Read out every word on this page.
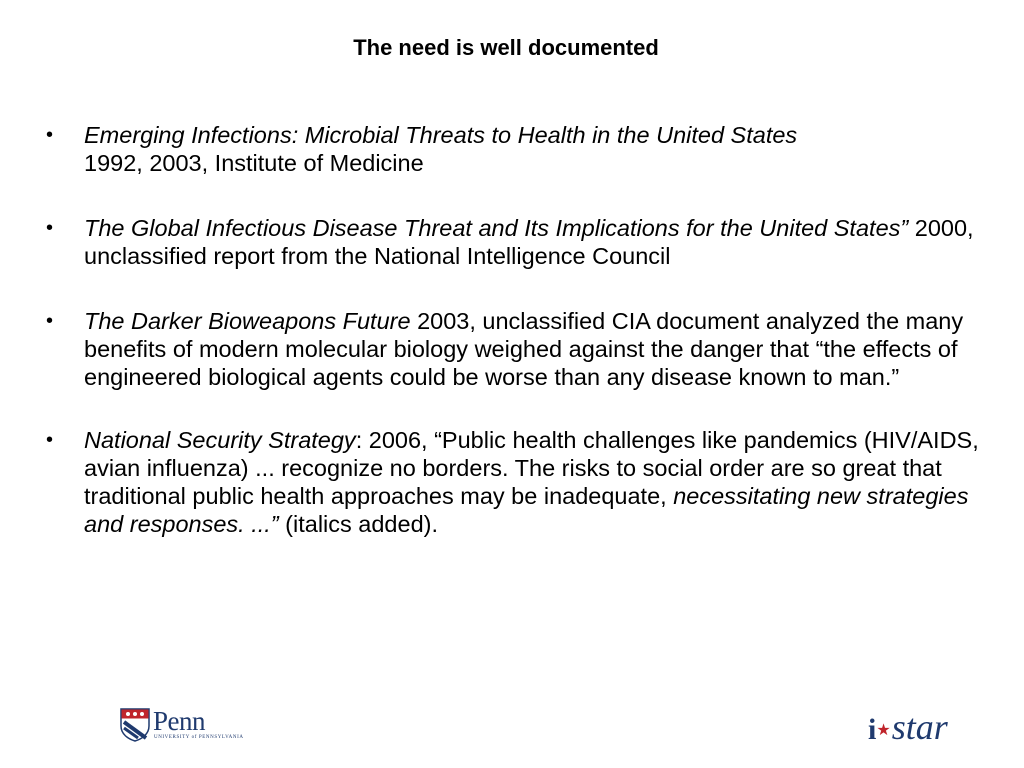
The need is well documented
• Emerging Infections: Microbial Threats to Health in the United States
1992, 2003, Institute of Medicine
• The Global Infectious Disease Threat and Its Implications for the United States” 2000, unclassified report from the National Intelligence Council
• The Darker Bioweapons Future 2003, unclassified CIA document analyzed the many benefits of modern molecular biology weighed against the danger that “the effects of engineered biological agents could be worse than any disease known to man.”
• National Security Strategy: 2006, “Public health challenges like pandemics (HIV/AIDS, avian influenza) ... recognize no borders. The risks to social order are so great that traditional public health approaches may be inadequate, necessitating new strategies and responses. ...” (italics added).
Penn
UNIVERSITY of PENNSYLVANIA	i★star
